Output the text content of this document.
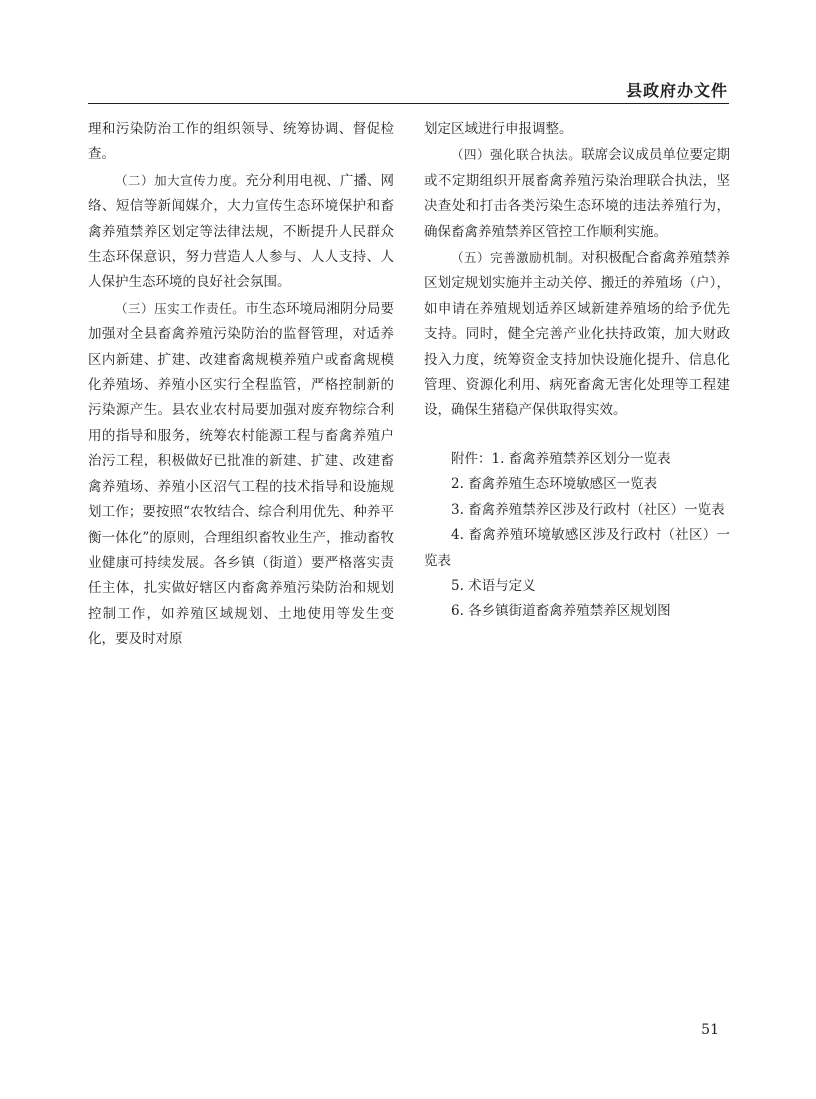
县政府办文件

理和污染防治工作的组织领导、统筹协调、督促检查。

（二）加大宣传力度。充分利用电视、广播、网络、短信等新闻媒介，大力宣传生态环境保护和畜禽养殖禁养区划定等法律法规，不断提升人民群众生态环保意识，努力营造人人参与、人人支持、人人保护生态环境的良好社会氛围。

（三）压实工作责任。市生态环境局湘阴分局要加强对全县畜禽养殖污染防治的监督管理，对适养区内新建、扩建、改建畜禽规模养殖户或畜禽规模化养殖场、养殖小区实行全程监管，严格控制新的污染源产生。县农业农村局要加强对废弃物综合利用的指导和服务，统筹农村能源工程与畜禽养殖户治污工程，积极做好已批准的新建、扩建、改建畜禽养殖场、养殖小区沼气工程的技术指导和设施规划工作；要按照“农牧结合、综合利用优先、种养平衡一体化”的原则，合理组织畜牧业生产，推动畜牧业健康可持续发展。各乡镇（街道）要严格落实责任主体，扎实做好辖区内畜禽养殖污染防治和规划控制工作，如养殖区域规划、土地使用等发生变化，要及时对原

划定区域进行申报调整。

（四）强化联合执法。联席会议成员单位要定期或不定期组织开展畜禽养殖污染治理联合执法，坚决查处和打击各类污染生态环境的违法养殖行为，确保畜禽养殖禁养区管控工作顺利实施。

（五）完善激励机制。对积极配合畜禽养殖禁养区划定规划实施并主动关停、搬迁的养殖场（户），如申请在养殖规划适养区域新建养殖场的给予优先支持。同时，健全完善产业化扶持政策，加大财政投入力度，统筹资金支持加快设施化提升、信息化管理、资源化利用、病死畜禽无害化处理等工程建设，确保生猪稳产保供取得实效。

附件：1. 畜禽养殖禁养区划分一览表

2. 畜禽养殖生态环境敏感区一览表

3. 畜禽养殖禁养区涉及行政村（社区）一览表

4. 畜禽养殖环境敏感区涉及行政村（社区）一览表

5. 术语与定义

6. 各乡镇街道畜禽养殖禁养区规划图

51
